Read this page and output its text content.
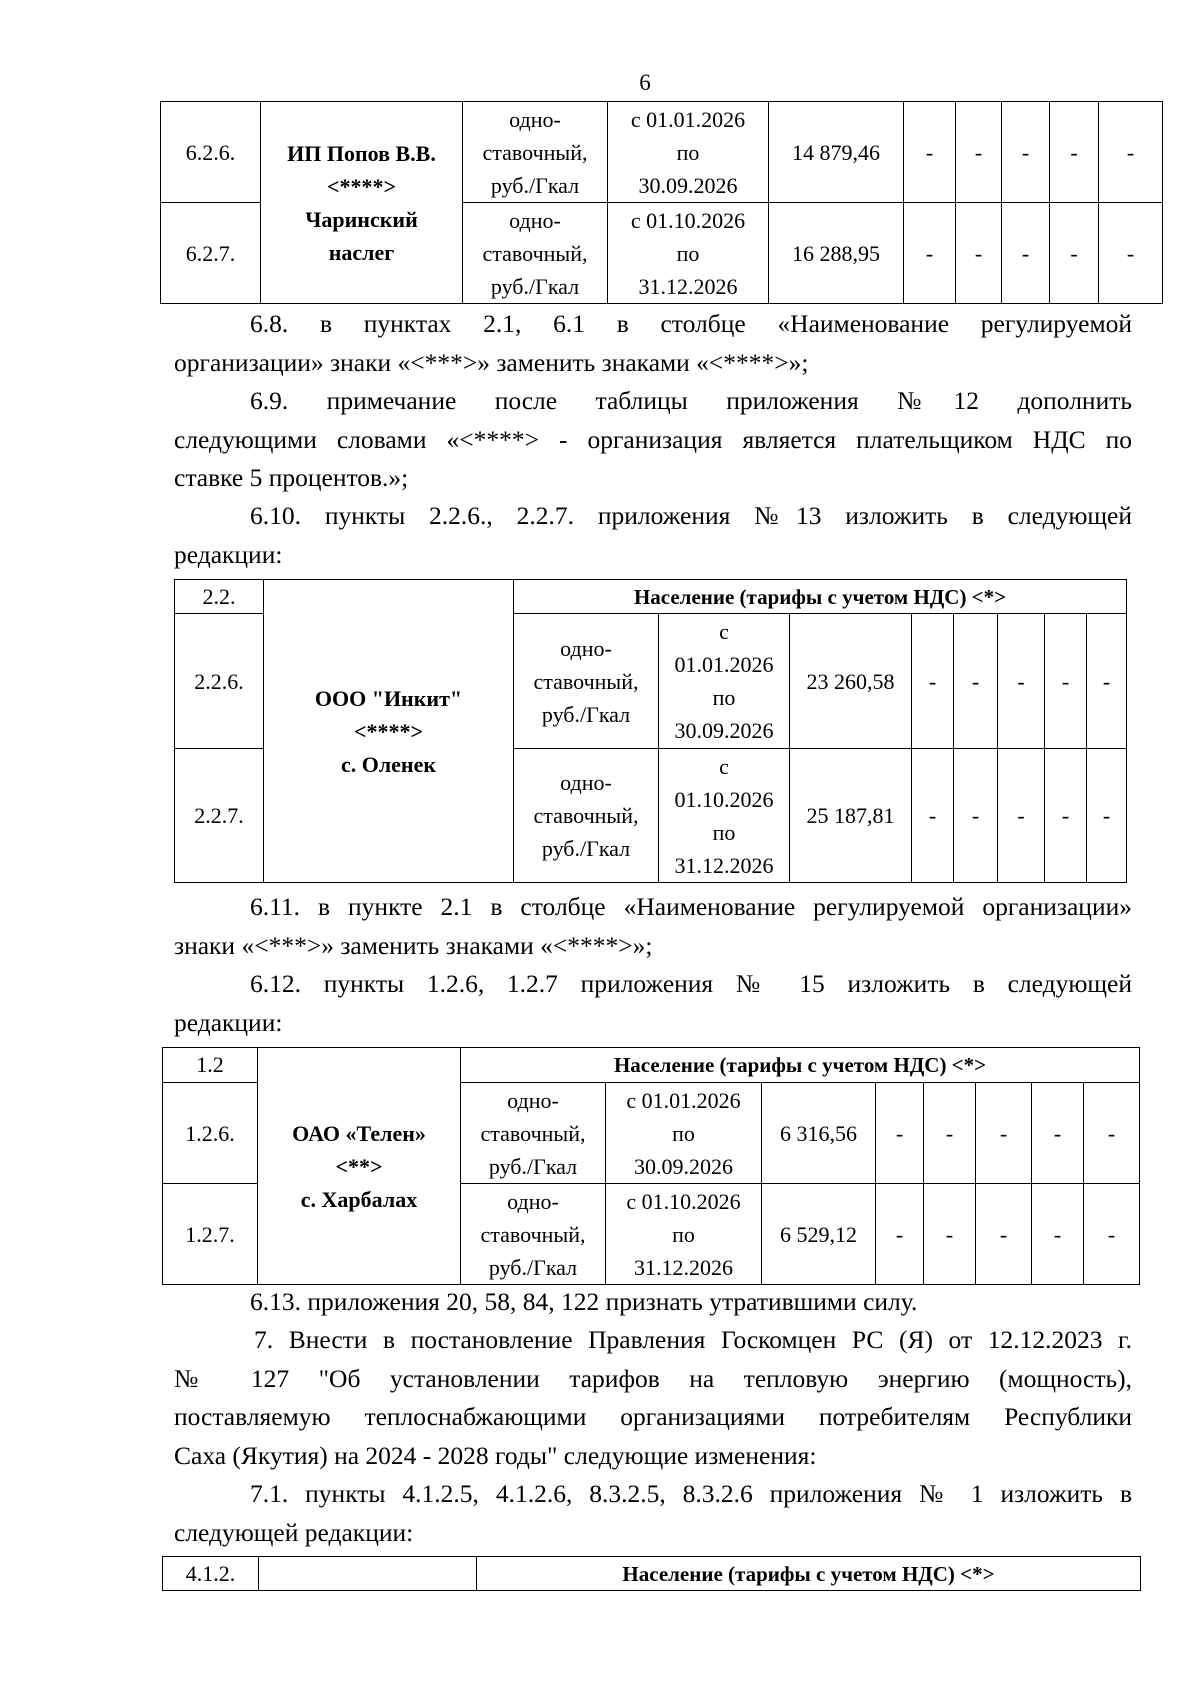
6
6.2.6.	ИП Попов В.В.
<****>
Чаринский
наслег	одно-
ставочный,
руб./Гкал	с 01.01.2026
по
30.09.2026	14 879,46	-	-	-	-	-
6.2.7.		одно-
ставочный,
руб./Гкал	с 01.10.2026
по
31.12.2026	16 288,95	-	-	-	-	-
6.8. в пунктах 2.1, 6.1 в столбце «Наименование регулируемой
организации» знаки «<***>» заменить знаками «<****>»;
6.9. примечание после таблицы приложения №12 дополнить
следующими словами «<****> - организация является плательщиком НДС по
ставке 5 процентов.»;
6.10. пункты 2.2.6., 2.2.7. приложения №13 изложить в следующей
редакции:
2.2.	ООО "Инкит"
<****>
с. Оленек	Население (тарифы с учетом НДС) <*>							
2.2.6.		одно-
ставочный,
руб./Гкал	с
01.01.2026
по
30.09.2026	23 260,58	-	-	-	-	-
2.2.7.		одно-
ставочный,
руб./Гкал	с
01.10.2026
по
31.12.2026	25 187,81	-	-	-	-	-
6.11. в пункте 2.1 в столбце «Наименование регулируемой организации»
знаки «<***>» заменить знаками «<****>»;
6.12. пункты 1.2.6, 1.2.7 приложения № 15 изложить в следующей
редакции:
1.2	ОАО «Телен»
<**>
с. Харбалах	Население (тарифы с учетом НДС) <*>							
1.2.6.		одно-
ставочный,
руб./Гкал	с 01.01.2026
по
30.09.2026	6 316,56	-	-	-	-	-
1.2.7.		одно-
ставочный,
руб./Гкал	с 01.10.2026
по
31.12.2026	6 529,12	-	-	-	-	-
6.13. приложения 20, 58, 84, 122 признать утратившими силу.
7. Внести в постановление Правления Госкомцен РС (Я) от 12.12.2023 г.
№ 127 "Об установлении тарифов на тепловую энергию (мощность),
поставляемую теплоснабжающими организациями потребителям Республики
Саха (Якутия) на 2024 - 2028 годы" следующие изменения:
7.1. пункты 4.1.2.5, 4.1.2.6, 8.3.2.5, 8.3.2.6 приложения № 1 изложить в
следующей редакции:
4.1.2.		Население (тарифы с учетом НДС) <*>
